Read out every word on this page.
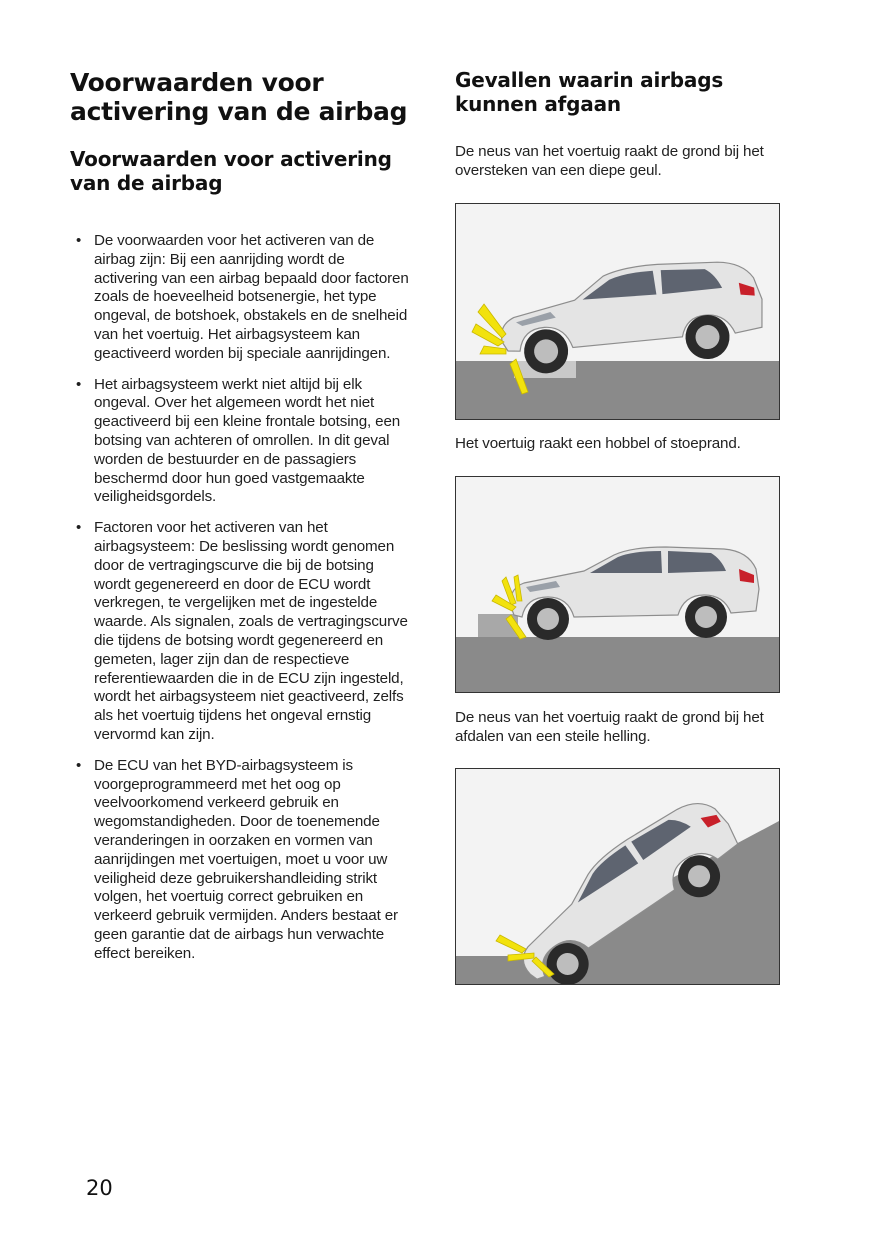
Voorwaarden voor activering van de airbag
Voorwaarden voor activering van de airbag
• De voorwaarden voor het activeren van de airbag zijn: Bij een aanrijding wordt de activering van een airbag bepaald door factoren zoals de hoeveelheid botsenergie, het type ongeval, de botshoek, obstakels en de snelheid van het voertuig. Het airbagsysteem kan geactiveerd worden bij speciale aanrijdingen.
• Het airbagsysteem werkt niet altijd bij elk ongeval. Over het algemeen wordt het niet geactiveerd bij een kleine frontale botsing, een botsing van achteren of omrollen. In dit geval worden de bestuurder en de passagiers beschermd door hun goed vastgemaakte veiligheidsgordels.
• Factoren voor het activeren van het airbagsysteem: De beslissing wordt genomen door de vertragingscurve die bij de botsing wordt gegenereerd en door de ECU wordt verkregen, te vergelijken met de ingestelde waarde. Als signalen, zoals de vertragingscurve die tijdens de botsing wordt gegenereerd en gemeten, lager zijn dan de respectieve referentiewaarden die in de ECU zijn ingesteld, wordt het airbagsysteem niet geactiveerd, zelfs als het voertuig tijdens het ongeval ernstig vervormd kan zijn.
• De ECU van het BYD-airbagsysteem is voorgeprogrammeerd met het oog op veelvoorkomend verkeerd gebruik en wegomstandigheden. Door de toenemende veranderingen in oorzaken en vormen van aanrijdingen met voertuigen, moet u voor uw veiligheid deze gebruikershandleiding strikt volgen, het voertuig correct gebruiken en verkeerd gebruik vermijden. Anders bestaat er geen garantie dat de airbags hun verwachte effect bereiken.
Gevallen waarin airbags kunnen afgaan

De neus van het voertuig raakt de grond bij het oversteken van een diepe geul.

Het voertuig raakt een hobbel of stoeprand.

De neus van het voertuig raakt de grond bij het afdalen van een steile helling.

20
